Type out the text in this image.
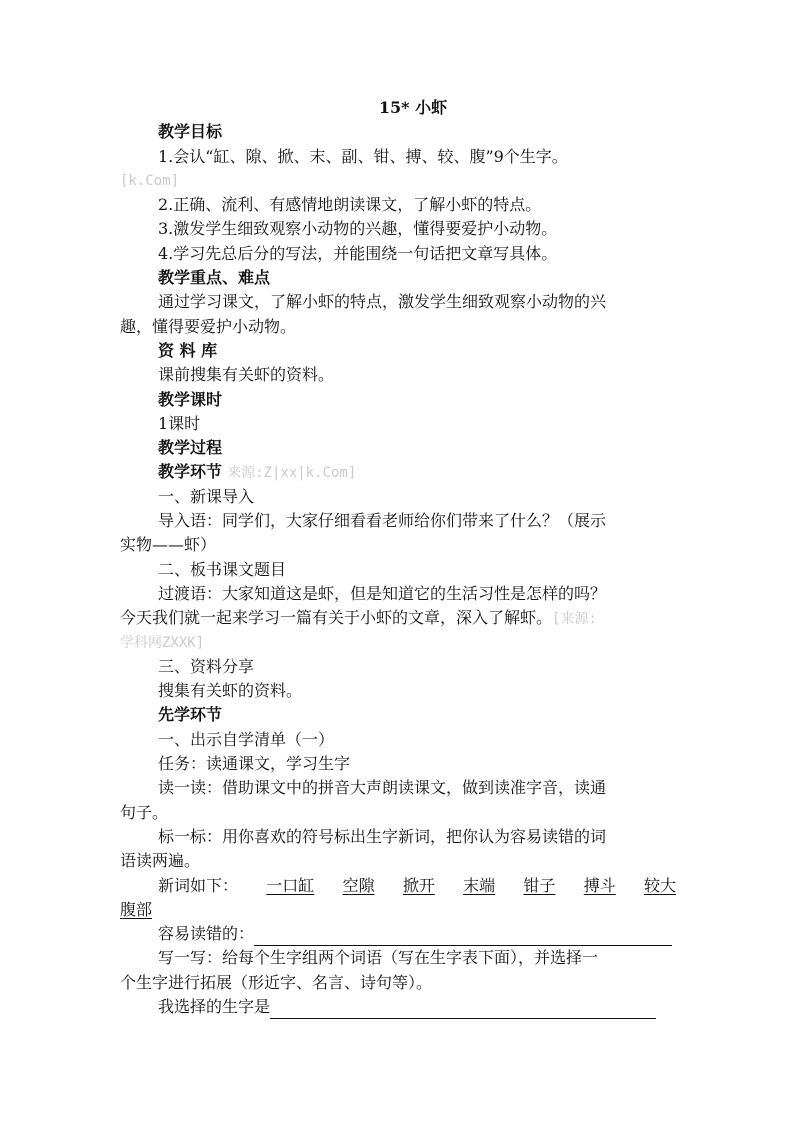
15* 小虾
教学目标
1.会认“缸、隙、掀、末、副、钳、搏、较、腹”9个生字。
[k.Com]
2.正确、流利、有感情地朗读课文，了解小虾的特点。
3.激发学生细致观察小动物的兴趣，懂得要爱护小动物。
4.学习先总后分的写法，并能围绕一句话把文章写具体。
教学重点、难点
通过学习课文，了解小虾的特点，激发学生细致观察小动物的兴
趣，懂得要爱护小动物。
资 料 库
课前搜集有关虾的资料。
教学课时
1课时
教学过程
教学环节 来源:Z|xx|k.Com]
一、新课导入
导入语：同学们，大家仔细看看老师给你们带来了什么？（展示
实物——虾）
二、板书课文题目
过渡语：大家知道这是虾，但是知道它的生活习性是怎样的吗？
今天我们就一起来学习一篇有关于小虾的文章，深入了解虾。[来源:
学科网ZXXK]
三、资料分享
搜集有关虾的资料。
先学环节
一、出示自学清单（一）
任务：读通课文，学习生字
读一读：借助课文中的拼音大声朗读课文，做到读准字音，读通
句子。
标一标：用你喜欢的符号标出生字新词，把你认为容易读错的词
语读两遍。
新词如下： 一口缸 空隙 掀开 末端 钳子 搏斗 较大
腹部
容易读错的：
写一写：给每个生字组两个词语（写在生字表下面），并选择一
个生字进行拓展（形近字、名言、诗句等）。
我选择的生字是
